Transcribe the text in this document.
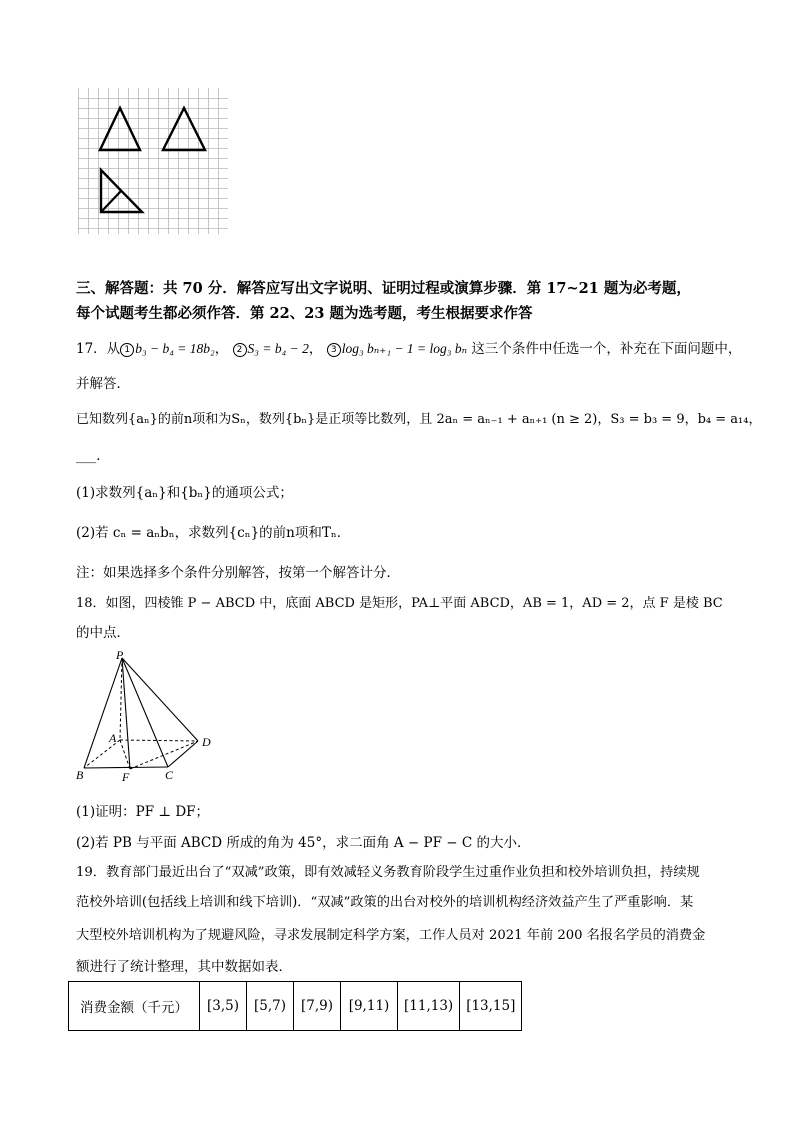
三、解答题：共 70 分．解答应写出文字说明、证明过程或演算步骤．第 17~21 题为必考题，
每个试题考生都必须作答．第 22、23 题为选考题，考生根据要求作答
17．从 1 b₃ − b₄ = 18b₂， 2 S₃ = b₄ − 2， 3 log₃ bₙ₊₁ − 1 = log₃ bₙ 这三个条件中任选一个，补充在下面问题中，
并解答．
已知数列{aₙ}的前n项和为Sₙ，数列{bₙ}是正项等比数列，且 2aₙ = aₙ₋₁ + aₙ₊₁ (n ≥ 2)，S₃ = b₃ = 9，b₄ = a₁₄，
___．
(1)求数列{aₙ}和{bₙ}的通项公式；
(2)若 cₙ = aₙbₙ，求数列{cₙ}的前n项和Tₙ．
注：如果选择多个条件分别解答，按第一个解答计分．
18．如图，四棱锥 P − ABCD 中，底面 ABCD 是矩形，PA⊥平面 ABCD，AB = 1，AD = 2，点 F 是棱 BC
的中点．
P
A
B	F	C
D
(1)证明：PF ⊥ DF；
(2)若 PB 与平面 ABCD 所成的角为 45°，求二面角 A − PF − C 的大小．
19．教育部门最近出台了“双减”政策，即有效减轻义务教育阶段学生过重作业负担和校外培训负担，持续规
范校外培训(包括线上培训和线下培训)．“双减”政策的出台对校外的培训机构经济效益产生了严重影响．某
大型校外培训机构为了规避风险，寻求发展制定科学方案，工作人员对 2021 年前 200 名报名学员的消费金
额进行了统计整理，其中数据如表．
消费金额（千元）	[3,5)	[5,7)	[7,9)	[9,11)	[11,13)	[13,15]
